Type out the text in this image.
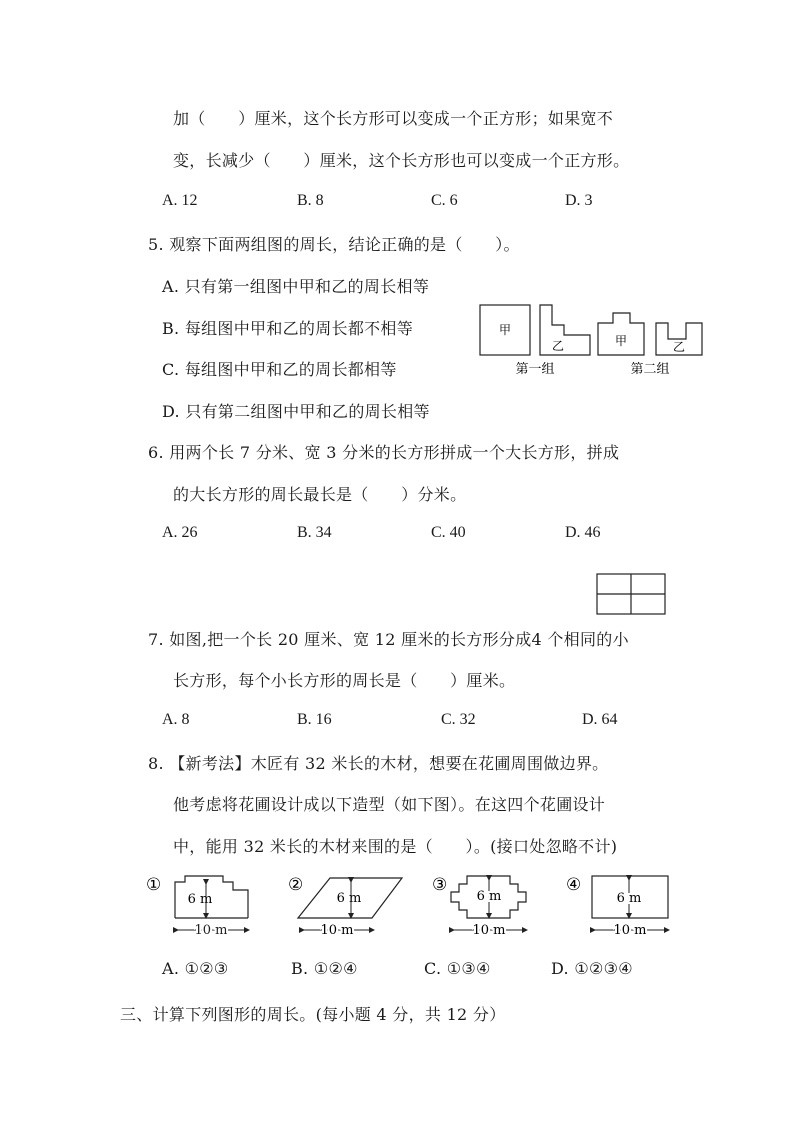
加（　　）厘米，这个长方形可以变成一个正方形；如果宽不
变，长减少（　　）厘米，这个长方形也可以变成一个正方形。
A. 12	B. 8	C. 6	D. 3
5. 观察下面两组图的周长，结论正确的是（　　）。
A. 只有第一组图中甲和乙的周长相等
B. 每组图中甲和乙的周长都不相等
C. 每组图中甲和乙的周长都相等
D. 只有第二组图中甲和乙的周长相等
甲
乙	甲	乙
第一组	第二组
6. 用两个长 7 分米、宽 3 分米的长方形拼成一个大长方形，拼成
的大长方形的周长最长是（　　）分米。
A. 26	B. 34	C. 40	D. 46
7. 如图,把一个长 20 厘米、宽 12 厘米的长方形分成4 个相同的小
长方形，每个小长方形的周长是（　　）厘米。
A. 8	B. 16	C. 32	D. 64
8. 【新考法】木匠有 32 米长的木材，想要在花圃周围做边界。
他考虑将花圃设计成以下造型（如下图）。在这四个花圃设计
中，能用 32 米长的木材来围的是（　　）。(接口处忽略不计)
①
6 m
10 m
②
6 m
10 m
③
6 m
10 m
④
6 m
10 m
A. ①②③	B. ①②④	C. ①③④	D. ①②③④
三、计算下列图形的周长。(每小题 4 分，共 12 分）
